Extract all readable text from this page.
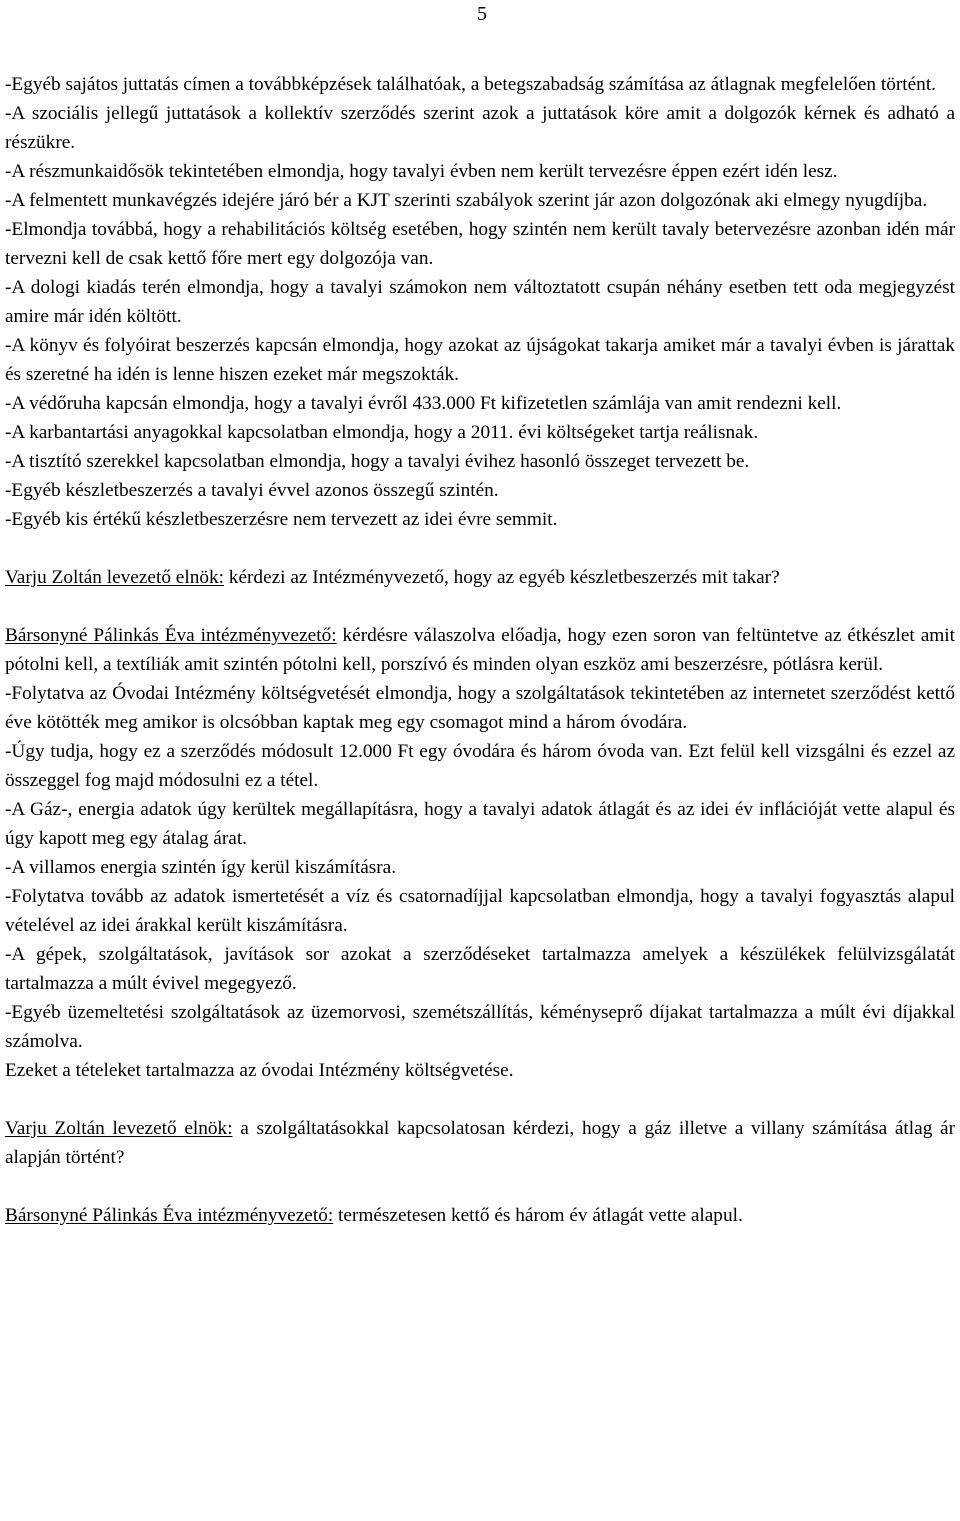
5

-Egyéb sajátos juttatás címen a továbbképzések találhatóak, a betegszabadság számítása az átlagnak megfelelően történt.

-A szociális jellegű juttatások a kollektív szerződés szerint azok a juttatások köre amit a dolgozók kérnek és adható a részükre.

-A részmunkaidősök tekintetében elmondja, hogy tavalyi évben nem került tervezésre éppen ezért idén lesz.

-A felmentett munkavégzés idejére járó bér a KJT szerinti szabályok szerint jár azon dolgozónak aki elmegy nyugdíjba.

-Elmondja továbbá, hogy a rehabilitációs költség esetében, hogy szintén nem került tavaly betervezésre azonban idén már tervezni kell de csak kettő főre mert egy dolgozója van.

-A dologi kiadás terén elmondja, hogy a tavalyi számokon nem változtatott csupán néhány esetben tett oda megjegyzést amire már idén költött.

-A könyv és folyóirat beszerzés kapcsán elmondja, hogy azokat az újságokat takarja amiket már a tavalyi évben is járattak és szeretné ha idén is lenne hiszen ezeket már megszokták.

-A védőruha kapcsán elmondja, hogy a tavalyi évről 433.000 Ft kifizetetlen számlája van amit rendezni kell.

-A karbantartási anyagokkal kapcsolatban elmondja, hogy a 2011. évi költségeket tartja reálisnak.

-A tisztító szerekkel kapcsolatban elmondja, hogy a tavalyi évihez hasonló összeget tervezett be.

-Egyéb készletbeszerzés a tavalyi évvel azonos összegű szintén.

-Egyéb kis értékű készletbeszerzésre nem tervezett az idei évre semmit.

Varju Zoltán levezető elnök: kérdezi az Intézményvezető, hogy az egyéb készletbeszerzés mit takar?

Bársonyné Pálinkás Éva intézményvezető: kérdésre válaszolva előadja, hogy ezen soron van feltüntetve az étkészlet amit pótolni kell, a textíliák amit szintén pótolni kell, porszívó és minden olyan eszköz ami beszerzésre, pótlásra kerül.

-Folytatva az Óvodai Intézmény költségvetését elmondja, hogy a szolgáltatások tekintetében az internetet szerződést kettő éve kötötték meg amikor is olcsóbban kaptak meg egy csomagot mind a három óvodára.

-Úgy tudja, hogy ez a szerződés módosult 12.000 Ft egy óvodára és három óvoda van. Ezt felül kell vizsgálni és ezzel az összeggel fog majd módosulni ez a tétel.

-A Gáz-, energia adatok úgy kerültek megállapításra, hogy a tavalyi adatok átlagát és az idei év inflációját vette alapul és úgy kapott meg egy átalag árat.

-A villamos energia szintén így kerül kiszámításra.

-Folytatva tovább az adatok ismertetését a víz és csatornadíjjal kapcsolatban elmondja, hogy a tavalyi fogyasztás alapul vételével az idei árakkal került kiszámításra.

-A gépek, szolgáltatások, javítások sor azokat a szerződéseket tartalmazza amelyek a készülékek felülvizsgálatát tartalmazza a múlt évivel megegyező.

-Egyéb üzemeltetési szolgáltatások az üzemorvosi, szemétszállítás, kéményseprő díjakat tartalmazza a múlt évi díjakkal számolva.

Ezeket a tételeket tartalmazza az óvodai Intézmény költségvetése.

Varju Zoltán levezető elnök: a szolgáltatásokkal kapcsolatosan kérdezi, hogy a gáz illetve a villany számítása átlag ár alapján történt?

Bársonyné Pálinkás Éva intézményvezető: természetesen kettő és három év átlagát vette alapul.
